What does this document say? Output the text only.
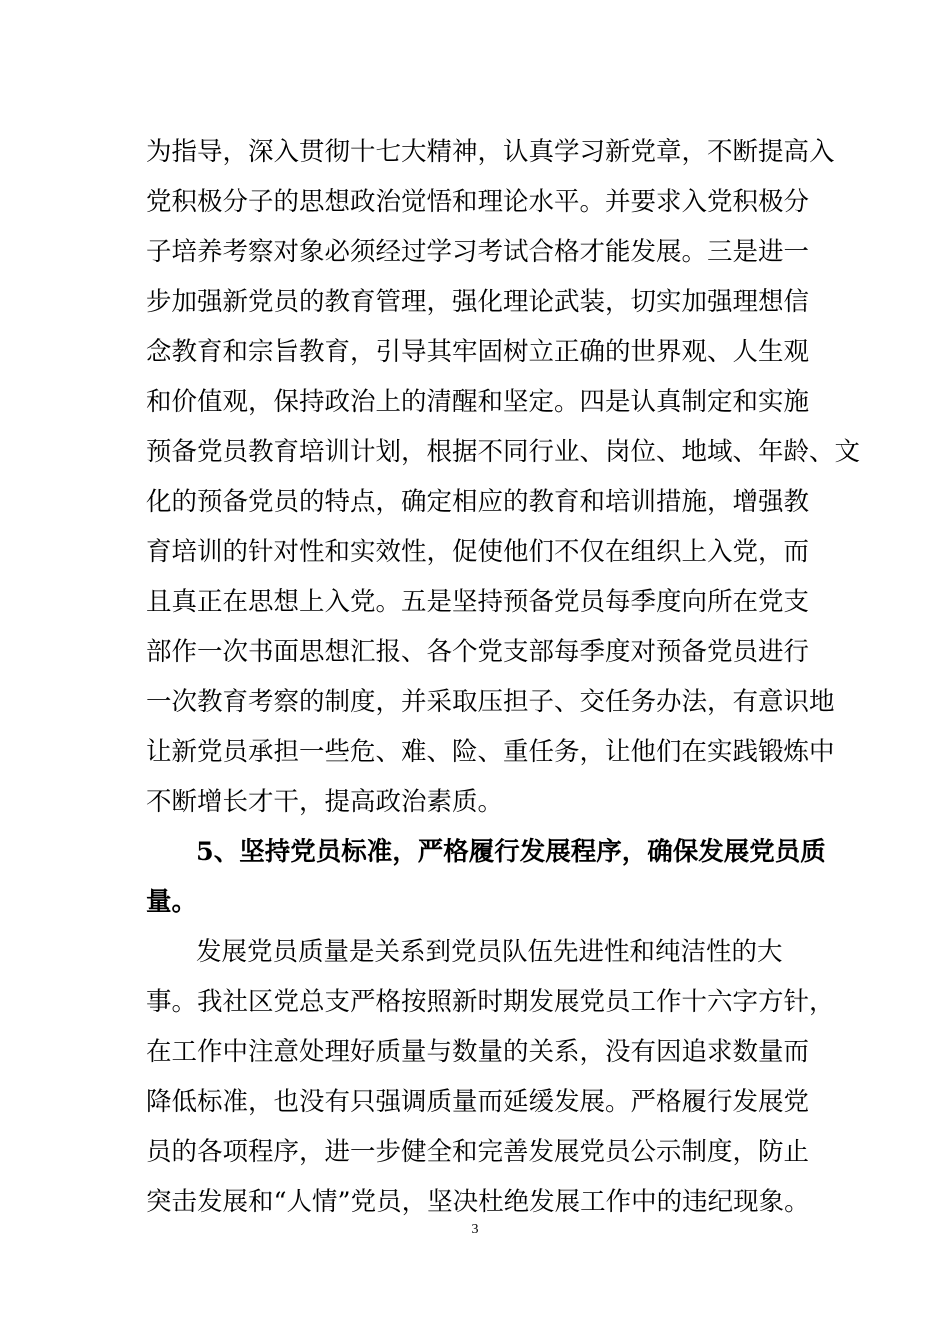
为指导，深入贯彻十七大精神，认真学习新党章，不断提高入
党积极分子的思想政治觉悟和理论水平。并要求入党积极分
子培养考察对象必须经过学习考试合格才能发展。三是进一
步加强新党员的教育管理，强化理论武装，切实加强理想信
念教育和宗旨教育，引导其牢固树立正确的世界观、人生观
和价值观，保持政治上的清醒和坚定。四是认真制定和实施
预备党员教育培训计划，根据不同行业、岗位、地域、年龄、文
化的预备党员的特点，确定相应的教育和培训措施，增强教
育培训的针对性和实效性，促使他们不仅在组织上入党，而
且真正在思想上入党。五是坚持预备党员每季度向所在党支
部作一次书面思想汇报、各个党支部每季度对预备党员进行
一次教育考察的制度，并采取压担子、交任务办法，有意识地
让新党员承担一些危、难、险、重任务，让他们在实践锻炼中
不断增长才干，提高政治素质。
5、坚持党员标准，严格履行发展程序，确保发展党员质
量。
发展党员质量是关系到党员队伍先进性和纯洁性的大
事。我社区党总支严格按照新时期发展党员工作十六字方针，
在工作中注意处理好质量与数量的关系，没有因追求数量而
降低标准，也没有只强调质量而延缓发展。严格履行发展党
员的各项程序，进一步健全和完善发展党员公示制度，防止
突击发展和“人情”党员，坚决杜绝发展工作中的违纪现象。
3
